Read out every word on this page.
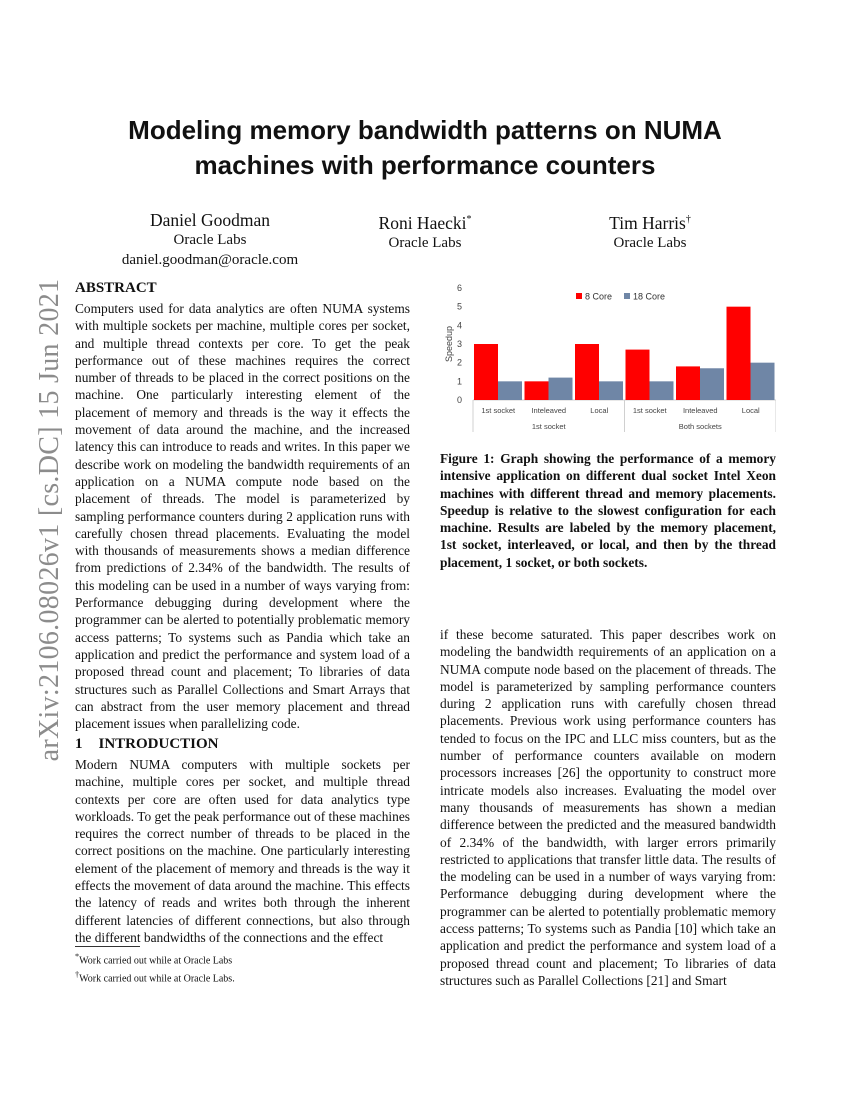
Modeling memory bandwidth patterns on NUMA machines with performance counters
Daniel Goodman
Oracle Labs
daniel.goodman@oracle.com
Roni Haecki*
Oracle Labs
Tim Harris†
Oracle Labs
arXiv:2106.08026v1 [cs.DC] 15 Jun 2021 ABSTRACT

Computers used for data analytics are often NUMA systems with multiple sockets per machine, multiple cores per socket, and multiple thread contexts per core. To get the peak performance out of these machines requires the correct number of threads to be placed in the correct positions on the machine. One particularly interesting element of the placement of memory and threads is the way it effects the movement of data around the machine, and the increased latency this can introduce to reads and writes. In this paper we describe work on modeling the bandwidth requirements of an application on a NUMA compute node based on the placement of threads. The model is parameterized by sampling performance counters during 2 application runs with carefully chosen thread placements. Evaluating the model with thousands of measurements shows a median difference from predictions of 2.34% of the bandwidth. The results of this modeling can be used in a number of ways varying from: Performance debugging during development where the programmer can be alerted to potentially problematic memory access patterns; To systems such as Pandia which take an application and predict the performance and system load of a proposed thread count and placement; To libraries of data structures such as Parallel Collections and Smart Arrays that can abstract from the user memory placement and thread placement issues when parallelizing code.

1 INTRODUCTION

Modern NUMA computers with multiple sockets per machine, multiple cores per socket, and multiple thread contexts per core are often used for data analytics type workloads. To get the peak performance out of these machines requires the correct number of threads to be placed in the correct positions on the machine. One particularly interesting element of the placement of memory and threads is the way it effects the movement of data around the machine. This effects the latency of reads and writes both through the inherent different latencies of different connections, but also through the different bandwidths of the connections and the effect

*Work carried out while at Oracle Labs
†Work carried out while at Oracle Labs.
0
1
2
3
4
5
6
Speedup
1st socket Inteleaved	Local	1st socket Inteleaved	Local
1st socket	Both sockets
8 Core 18 Core
Figure 1: Graph showing the performance of a memory intensive application on different dual socket Intel Xeon machines with different thread and memory placements. Speedup is relative to the slowest configuration for each machine. Results are labeled by the memory placement, 1st socket, interleaved, or local, and then by the thread placement, 1 socket, or both sockets.

if these become saturated. This paper describes work on modeling the bandwidth requirements of an application on a NUMA compute node based on the placement of threads. The model is parameterized by sampling performance counters during 2 application runs with carefully chosen thread placements. Previous work using performance counters has tended to focus on the IPC and LLC miss counters, but as the number of performance counters available on modern processors increases [26] the opportunity to construct more intricate models also increases. Evaluating the model over many thousands of measurements has shown a median difference between the predicted and the measured bandwidth of 2.34% of the bandwidth, with larger errors primarily restricted to applications that transfer little data. The results of the modeling can be used in a number of ways varying from: Performance debugging during development where the programmer can be alerted to potentially problematic memory access patterns; To systems such as Pandia [10] which take an application and predict the performance and system load of a proposed thread count and placement; To libraries of data structures such as Parallel Collections [21] and Smart
